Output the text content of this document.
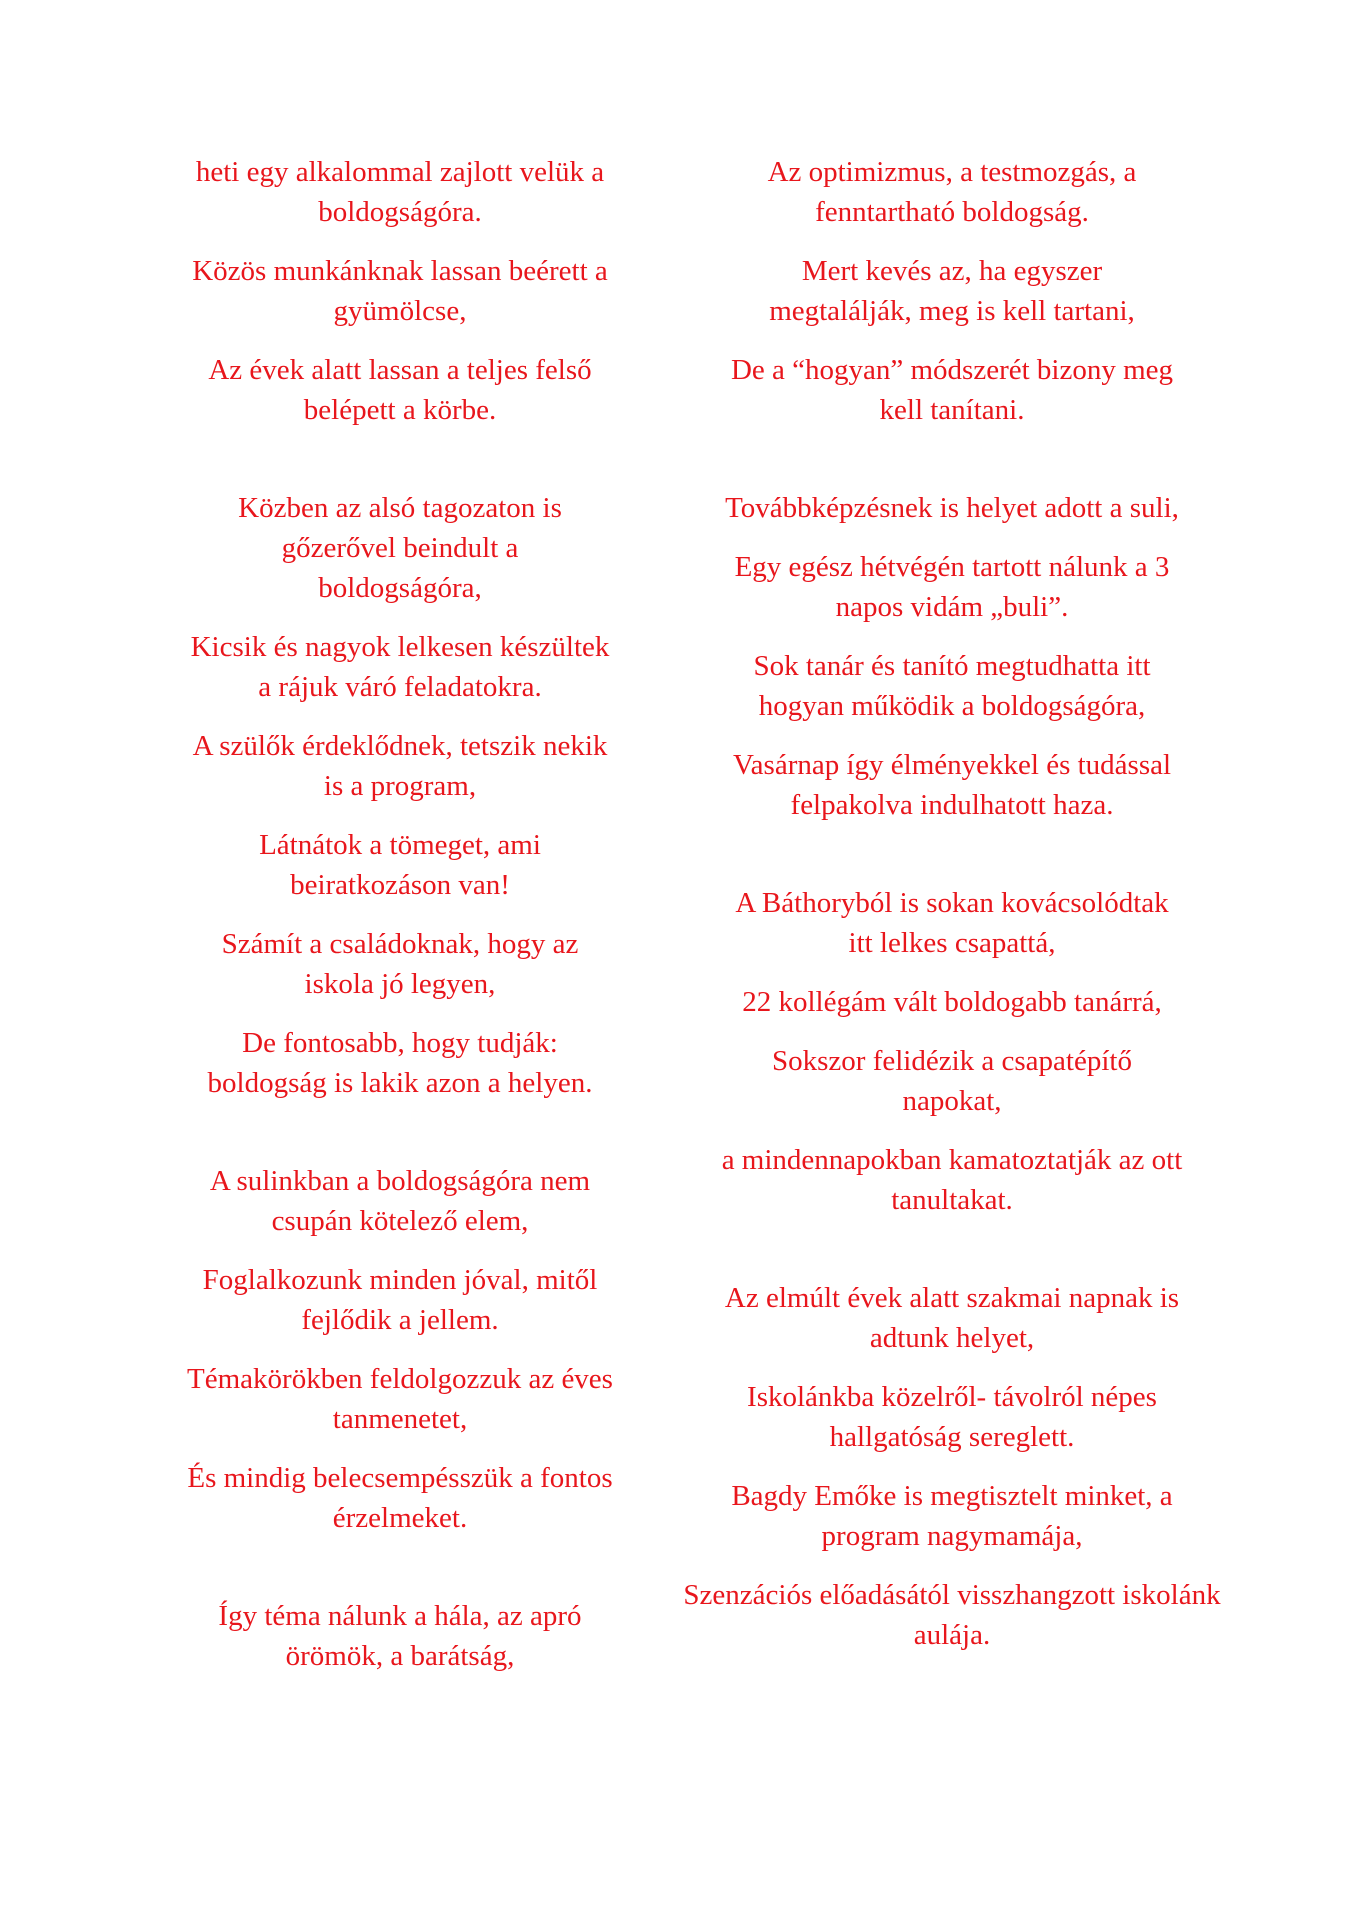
heti egy alkalommal zajlott velük a boldogságóra.

Közös munkánknak lassan beérett a gyümölcse,

Az évek alatt lassan a teljes felső belépett a körbe.

Közben az alsó tagozaton is gőzerővel beindult a boldogságóra,

Kicsik és nagyok lelkesen készültek a rájuk váró feladatokra.

A szülők érdeklődnek, tetszik nekik is a program,

Látnátok a tömeget, ami beiratkozáson van!

Számít a családoknak, hogy az iskola jó legyen,

De fontosabb, hogy tudják: boldogság is lakik azon a helyen.

A sulinkban a boldogságóra nem csupán kötelező elem,

Foglalkozunk minden jóval, mitől fejlődik a jellem.

Témakörökben feldolgozzuk az éves tanmenetet,

És mindig belecsempésszük a fontos érzelmeket.

Így téma nálunk a hála, az apró örömök, a barátság,

Az optimizmus, a testmozgás, a fenntartható boldogság.

Mert kevés az, ha egyszer megtalálják, meg is kell tartani,

De a “hogyan” módszerét bizony meg kell tanítani.

Továbbképzésnek is helyet adott a suli,

Egy egész hétvégén tartott nálunk a 3 napos vidám „buli”.

Sok tanár és tanító megtudhatta itt hogyan működik a boldogságóra,

Vasárnap így élményekkel és tudással felpakolva indulhatott haza.

A Báthoryból is sokan kovácsolódtak itt lelkes csapattá,

22 kollégám vált boldogabb tanárrá,

Sokszor felidézik a csapatépítő napokat,

a mindennapokban kamatoztatják az ott tanultakat.

Az elmúlt évek alatt szakmai napnak is adtunk helyet,

Iskolánkba közelről- távolról népes hallgatóság sereglett.

Bagdy Emőke is megtisztelt minket, a program nagymamája,

Szenzációs előadásától visszhangzott iskolánk aulája.
